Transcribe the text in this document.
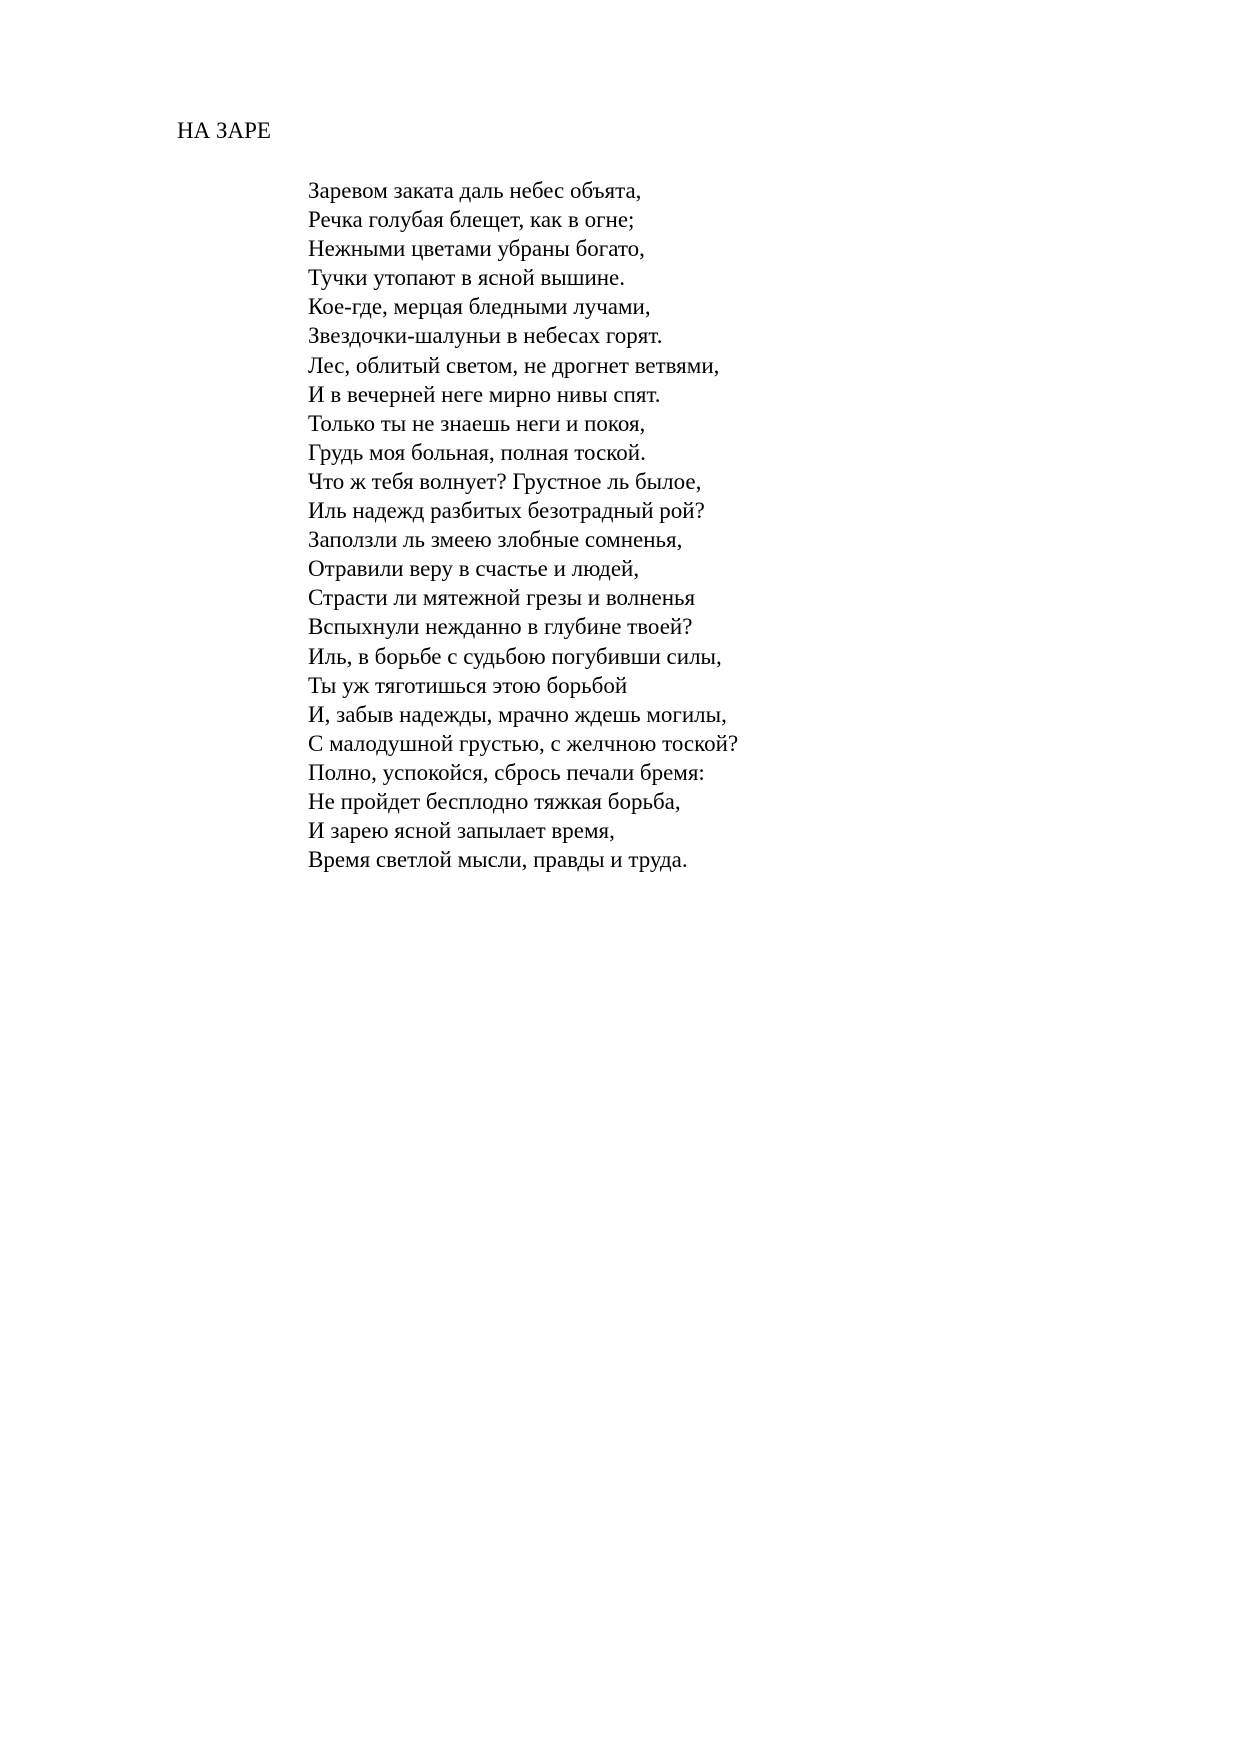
НА ЗАРЕ
Заревом заката даль небес объята,
Речка голубая блещет, как в огне;
Нежными цветами убраны богато,
Тучки утопают в ясной вышине.
Кое-где, мерцая бледными лучами,
Звездочки-шалуньи в небесах горят.
Лес, облитый светом, не дрогнет ветвями,
И в вечерней неге мирно нивы спят.
Только ты не знаешь неги и покоя,
Грудь моя больная, полная тоской.
Что ж тебя волнует? Грустное ль былое,
Иль надежд разбитых безотрадный рой?
Заползли ль змеею злобные сомненья,
Отравили веру в счастье и людей,
Страсти ли мятежной грезы и волненья
Вспыхнули нежданно в глубине твоей?
Иль, в борьбе с судьбою погубивши силы,
Ты уж тяготишься этою борьбой
И, забыв надежды, мрачно ждешь могилы,
С малодушной грустью, с желчною тоской?
Полно, успокойся, сбрось печали бремя:
Не пройдет бесплодно тяжкая борьба,
И зарею ясной запылает время,
Время светлой мысли, правды и труда.
